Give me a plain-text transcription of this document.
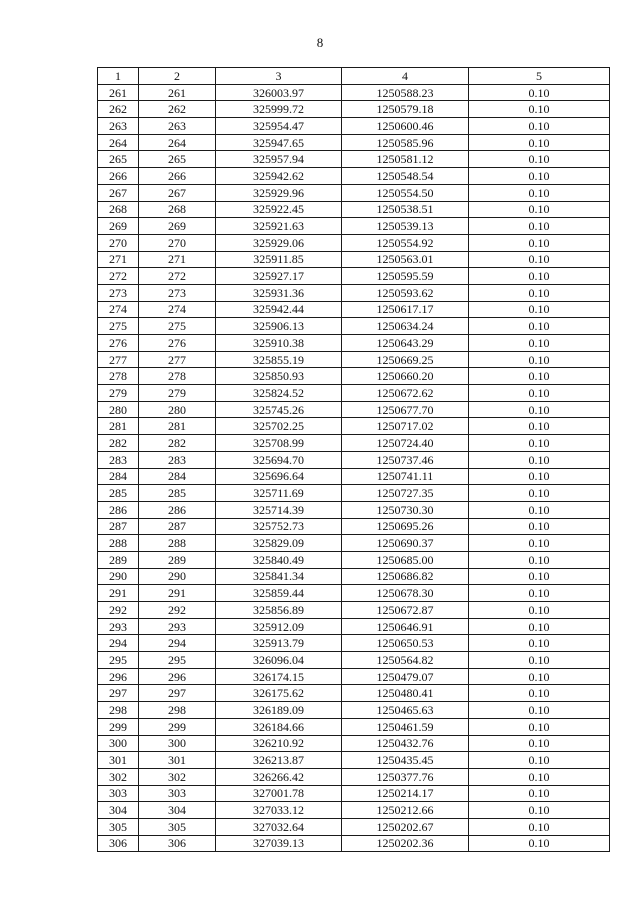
8
1	2	3	4	5
261	261	326003.97	1250588.23	0.10
262	262	325999.72	1250579.18	0.10
263	263	325954.47	1250600.46	0.10
264	264	325947.65	1250585.96	0.10
265	265	325957.94	1250581.12	0.10
266	266	325942.62	1250548.54	0.10
267	267	325929.96	1250554.50	0.10
268	268	325922.45	1250538.51	0.10
269	269	325921.63	1250539.13	0.10
270	270	325929.06	1250554.92	0.10
271	271	325911.85	1250563.01	0.10
272	272	325927.17	1250595.59	0.10
273	273	325931.36	1250593.62	0.10
274	274	325942.44	1250617.17	0.10
275	275	325906.13	1250634.24	0.10
276	276	325910.38	1250643.29	0.10
277	277	325855.19	1250669.25	0.10
278	278	325850.93	1250660.20	0.10
279	279	325824.52	1250672.62	0.10
280	280	325745.26	1250677.70	0.10
281	281	325702.25	1250717.02	0.10
282	282	325708.99	1250724.40	0.10
283	283	325694.70	1250737.46	0.10
284	284	325696.64	1250741.11	0.10
285	285	325711.69	1250727.35	0.10
286	286	325714.39	1250730.30	0.10
287	287	325752.73	1250695.26	0.10
288	288	325829.09	1250690.37	0.10
289	289	325840.49	1250685.00	0.10
290	290	325841.34	1250686.82	0.10
291	291	325859.44	1250678.30	0.10
292	292	325856.89	1250672.87	0.10
293	293	325912.09	1250646.91	0.10
294	294	325913.79	1250650.53	0.10
295	295	326096.04	1250564.82	0.10
296	296	326174.15	1250479.07	0.10
297	297	326175.62	1250480.41	0.10
298	298	326189.09	1250465.63	0.10
299	299	326184.66	1250461.59	0.10
300	300	326210.92	1250432.76	0.10
301	301	326213.87	1250435.45	0.10
302	302	326266.42	1250377.76	0.10
303	303	327001.78	1250214.17	0.10
304	304	327033.12	1250212.66	0.10
305	305	327032.64	1250202.67	0.10
306	306	327039.13	1250202.36	0.10
